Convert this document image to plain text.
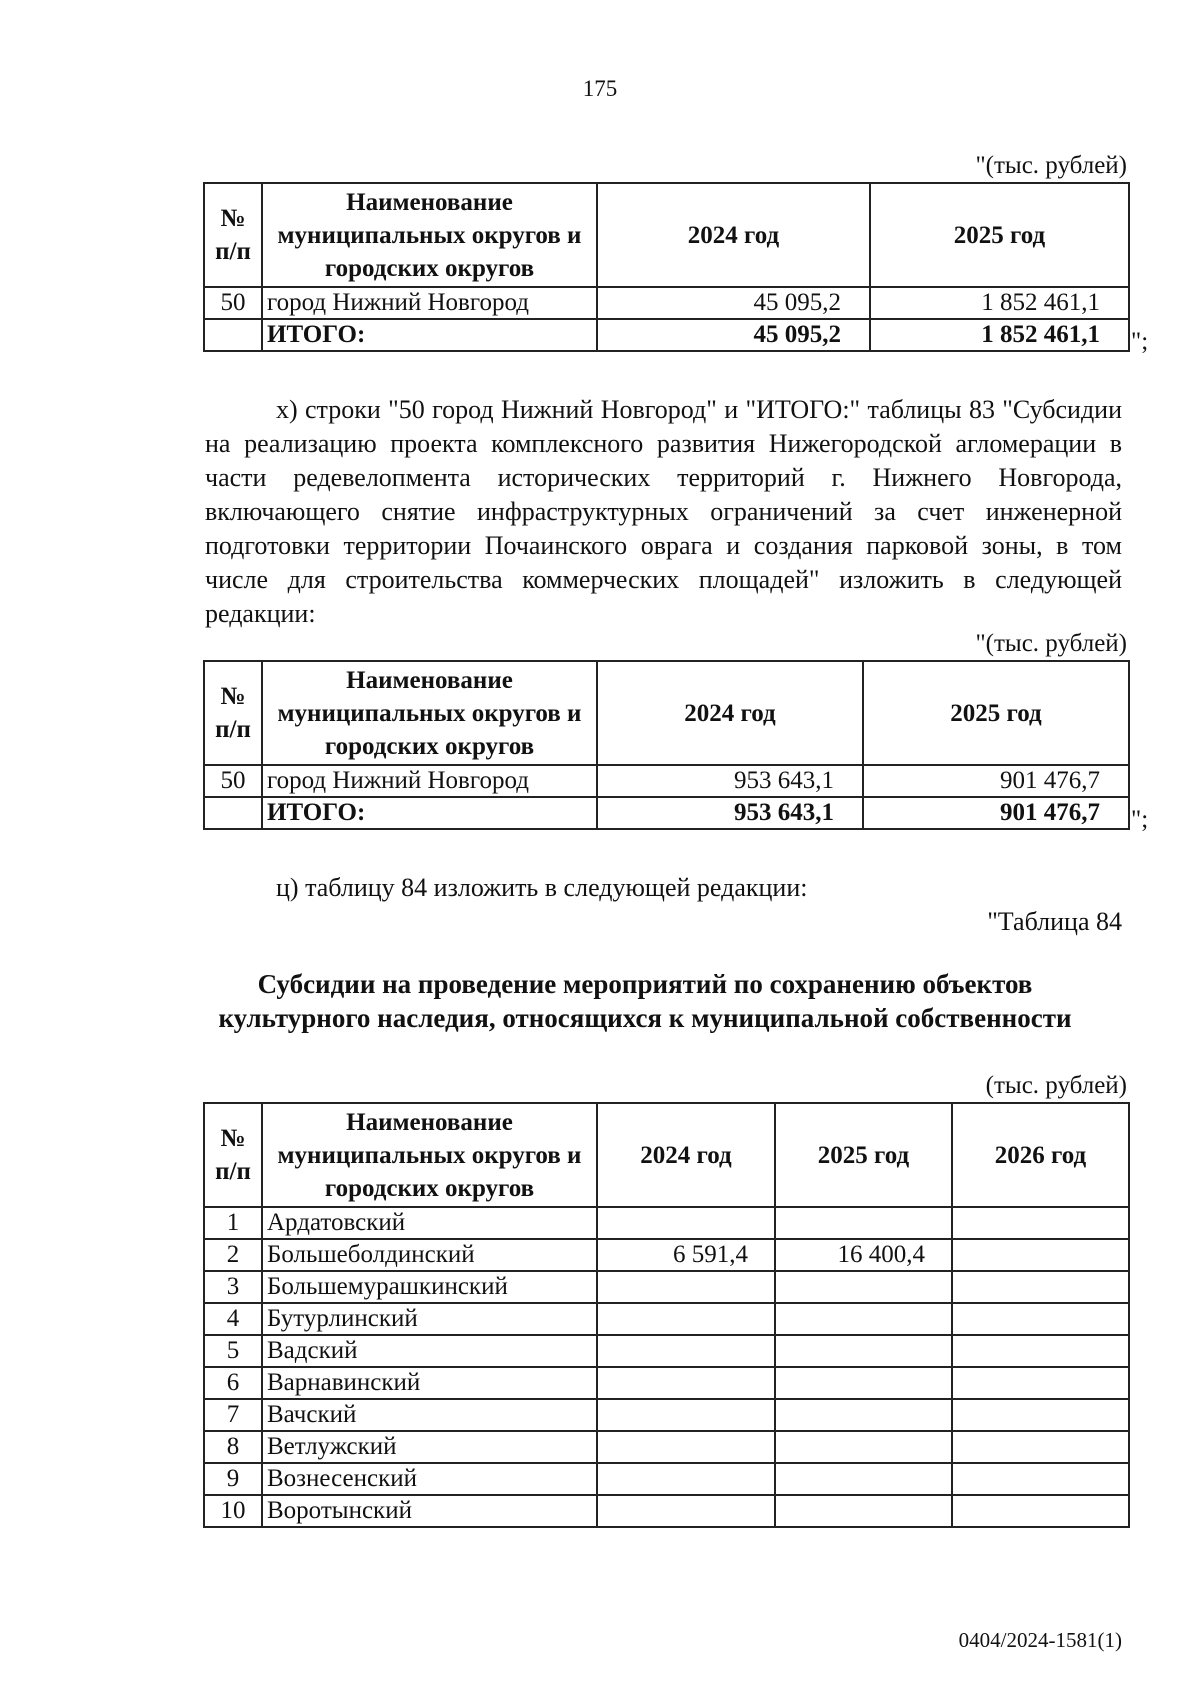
175
"(тыс. рублей)
№ п/п	Наименование муниципальных округов и городских округов	2024 год	2025 год
50	город Нижний Новгород	45 095,2	1 852 461,1
	ИТОГО:	45 095,2	1 852 461,1 ";

х) строки "50 город Нижний Новгород" и "ИТОГО:" таблицы 83 "Субсидии на реализацию проекта комплексного развития Нижегородской агломерации в части редевелопмента исторических территорий г. Нижнего Новгорода, включающего снятие инфраструктурных ограничений за счет инженерной подготовки территории Почаинского оврага и создания парковой зоны, в том числе для строительства коммерческих площадей" изложить в следующей редакции:

"(тыс. рублей)
№ п/п	Наименование муниципальных округов и городских округов	2024 год	2025 год
50	город Нижний Новгород	953 643,1	901 476,7
	ИТОГО:	953 643,1	901 476,7 ";
ц) таблицу 84 изложить в следующей редакции:
"Таблица 84
Субсидии на проведение мероприятий по сохранению объектов
культурного наследия, относящихся к муниципальной собственности
(тыс. рублей)
№ п/п	Наименование муниципальных округов и городских округов	2024 год	2025 год	2026 год
1	Ардатовский			
2	Большеболдинский	6 591,4	16 400,4	
3	Большемурашкинский			
4	Бутурлинский			
5	Вадский			
6	Варнавинский			
7	Вачский			
8	Ветлужский			
9	Вознесенский			
10	Воротынский			
0404/2024-1581(1)
